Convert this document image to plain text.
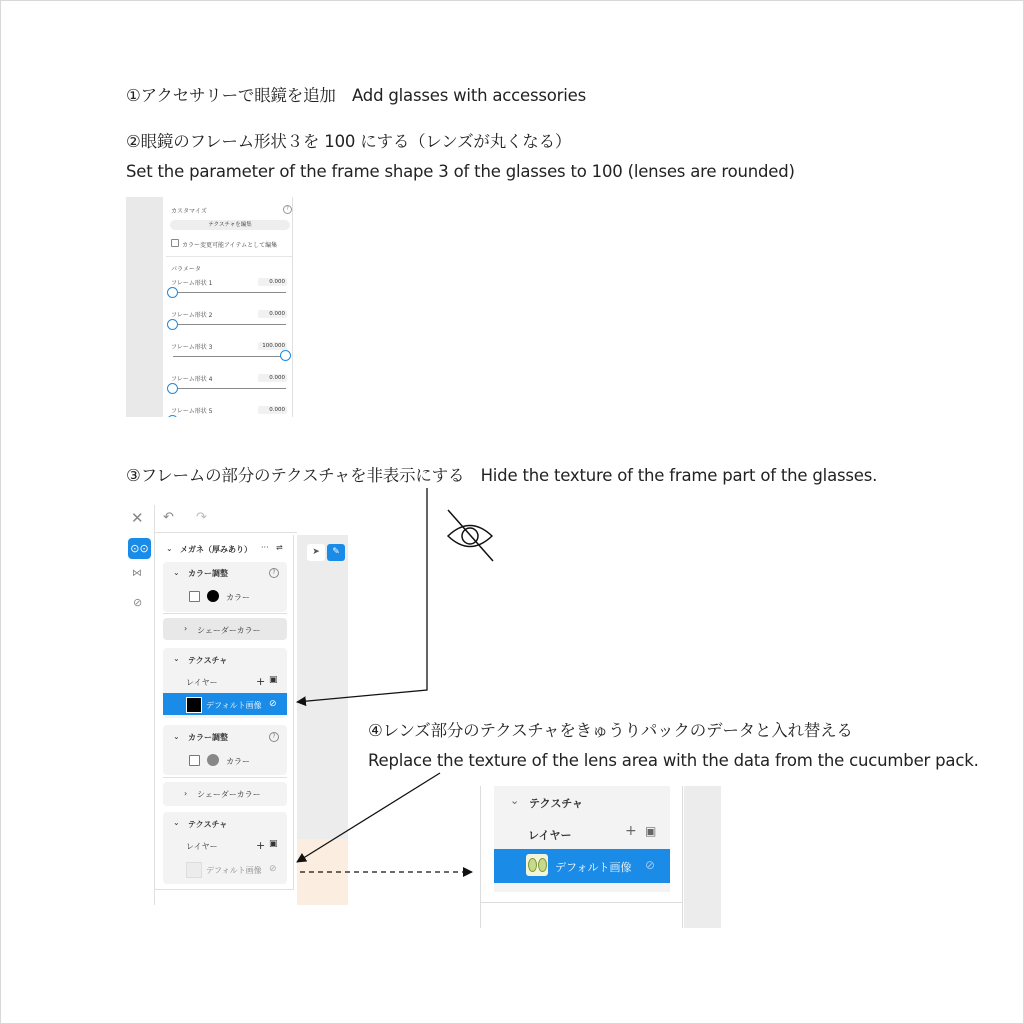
①アクセサリーで眼鏡を追加　Add glasses with accessories
②眼鏡のフレーム形状３を 100 にする（レンズが丸くなる）
Set the parameter of the frame shape 3 of the glasses to 100 (lenses are rounded)
③フレームの部分のテクスチャを非表示にする　Hide the texture of the frame part of the glasses.
④レンズ部分のテクスチャをきゅうりパックのデータと入れ替える
Replace the texture of the lens area with the data from the cucumber pack.
カスタマイズ	?
テクスチャを編集
カラー変更可能アイテムとして編集
パラメータ
フレーム形状 1	0.000
フレーム形状 2	0.000
フレーム形状 3	100.000
フレーム形状 4	0.000
フレーム形状 5	0.000
✕ ↶ ↷
⊙⊙
⋈
⊘
⌄ メガネ（厚みあり） ··· ⇌	➤	✎
⌄ カラー調整	?
カラー
› シェーダーカラー
⌄ テクスチャ
レイヤー	+ ▣
デフォルト画像 ⊘
⌄ カラー調整	?
カラー
› シェーダーカラー
⌄ テクスチャ
レイヤー	+ ▣
デフォルト画像 ⊘
⌄ テクスチャ
レイヤー	+ ▣
デフォルト画像 ⊘
